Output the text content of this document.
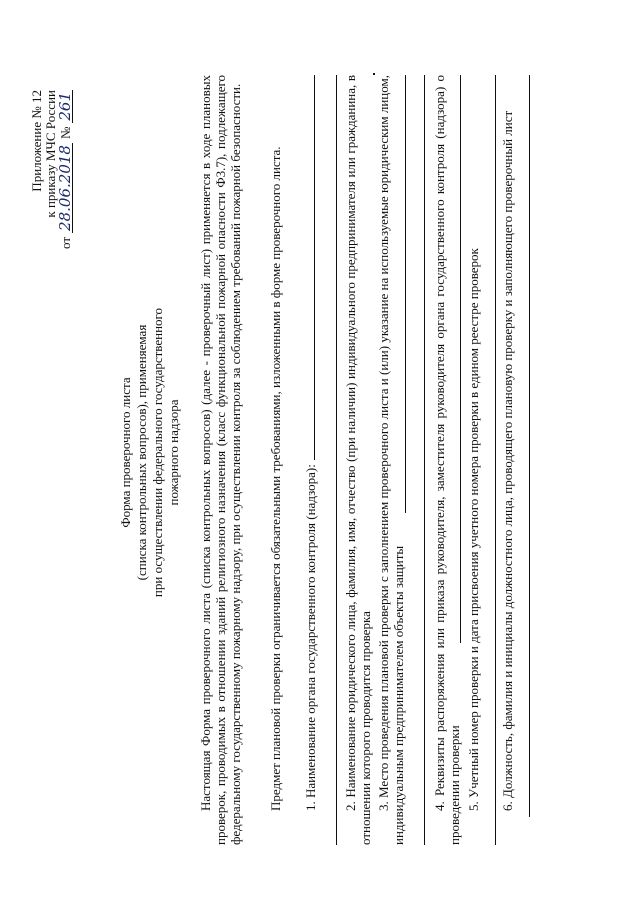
Приложение № 12 к приказу МЧС России
от
28.06.2018
№
261
Форма проверочного листа (списка контрольных вопросов), применяемая при осуществлении федерального государственного пожарного надзора Настоящая Форма проверочного листа (списка контрольных вопросов) (далее - проверочный лист) применяется в ходе плановых проверок, проводимых в отношении зданий религиозного назначения (класс функциональной пожарной опасности Ф3.7), подлежащего федеральному государственному пожарному надзору, при осуществлении контроля за соблюдением требований пожарной безопасности. Предмет плановой проверки ограничивается обязательными требованиями, изложенными в форме проверочного листа. 1. Наименование органа государственного контроля (надзора): 2. Наименование юридического лица, фамилия, имя, отчество (при наличии) индивидуального предпринимателя или гражданина, в отношении которого проводится проверка 3. Место проведения плановой проверки с заполнением проверочного листа и (или) указание на используемые юридическим лицом, индивидуальным предпринимателем объекты защиты 4. Реквизиты распоряжения или приказа руководителя, заместителя руководителя органа государственного контроля (надзора) о проведении проверки 5. Учетный номер проверки и дата присвоения учетного номера проверки в едином реестре проверок 6. Должность, фамилия и инициалы должностного лица, проводящего плановую проверку и заполняющего проверочный лист
